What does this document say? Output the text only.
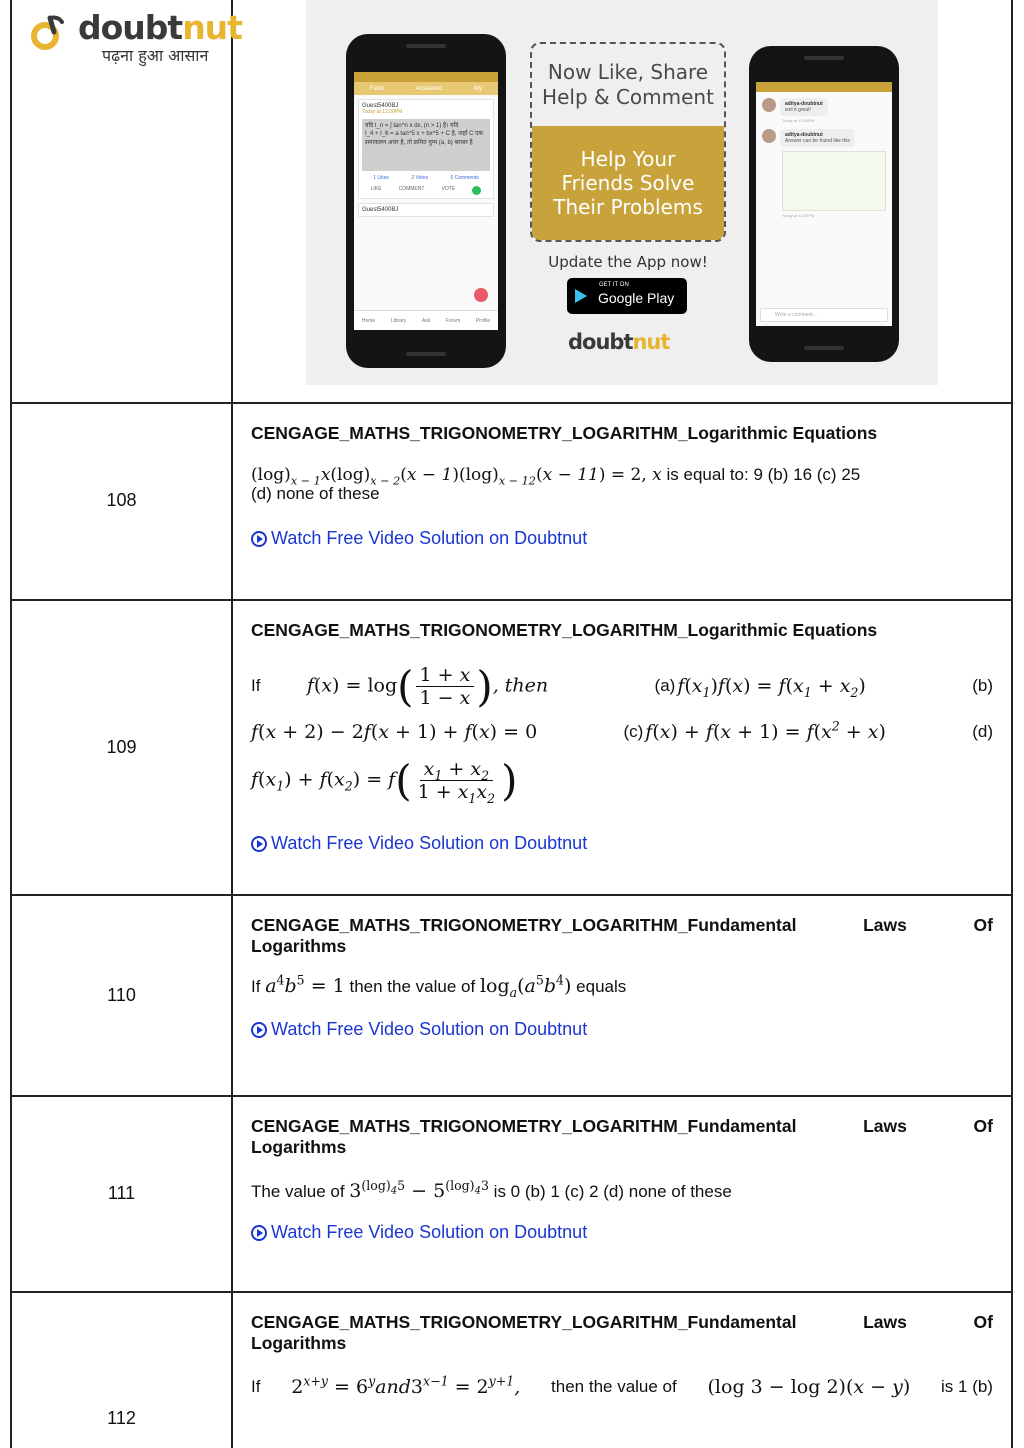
doubtnut
पढ़ना हुआ आसान
Feed	Answered	My
Guest5400BJ
Today at 12:50PM
यदि I_n = ∫ tan^n x dx, (n > 1) है। यदि
I_4 + I_6 = a tan^5 x + bx^5 + C है, जहाँ C एक
समाकलन अचर है, तो क्रमित युग्म (a, b) बराबर है
1 Likes	2 Votes	0 Comments
LIKE	COMMENT	VOTE
Guest5400BJ
Home	Library	Ask	Forum	Profile
Now Like, Share
Help & Comment
Help Your
Friends Solve
Their Problems
Update the App now!
GET IT ON
Google Play
doubtnut
aditya-doubtnut
isnt it great!
Today at 12:50PM
aditya-doubtnut
Answer can be found like this
Today at 12:50PM
Write a comment...
108
CENGAGE_MATHS_TRIGONOMETRY_LOGARITHM_Logarithmic Equations
$(\log)_{x - 1}x(\log)_{x - 2}(x - 1)(\log)_{x - 12}(x - 11) = 2$, x is equal to: 9 (b) 16 (c) 25
(d) none of these
Watch Free Video Solution on Doubtnut
109
CENGAGE_MATHS_TRIGONOMETRY_LOGARITHM_Logarithmic Equations
If $f(x) = \log( \frac{1 + x}{1 - x}$ ), then	(a) $f(x_1)f(x) = f(x_1 + x_2)$	(b)
f(x + 2) − 2f(x + 1) + f(x) = 0	(c) $f(x) + f(x + 1) = f(x^2 + x)$	(d)
$f(x_1) + f(x_2) = f( \frac{x_1 + x_2}{1 + x_1x_2}$ )
Watch Free Video Solution on Doubtnut
110
CENGAGE_MATHS_TRIGONOMETRY_LOGARITHM_Fundamental	Laws	Of
Logarithms
If $a^4b^5 = 1$ then the value of $\log_a(a^5b^4)$ equals
Watch Free Video Solution on Doubtnut
111
CENGAGE_MATHS_TRIGONOMETRY_LOGARITHM_Fundamental	Laws	Of
Logarithms
The value of $3^{(log)_45} - 5^{(log)_43}$ is 0 (b) 1 (c) 2 (d) none of these
Watch Free Video Solution on Doubtnut
112
CENGAGE_MATHS_TRIGONOMETRY_LOGARITHM_Fundamental	Laws	Of
Logarithms
If $2^{x+y} = 6^yand3^{x-1} = 2^{y+1}$, then the value of (log 3 − log 2)(x − y) is 1 (b)
